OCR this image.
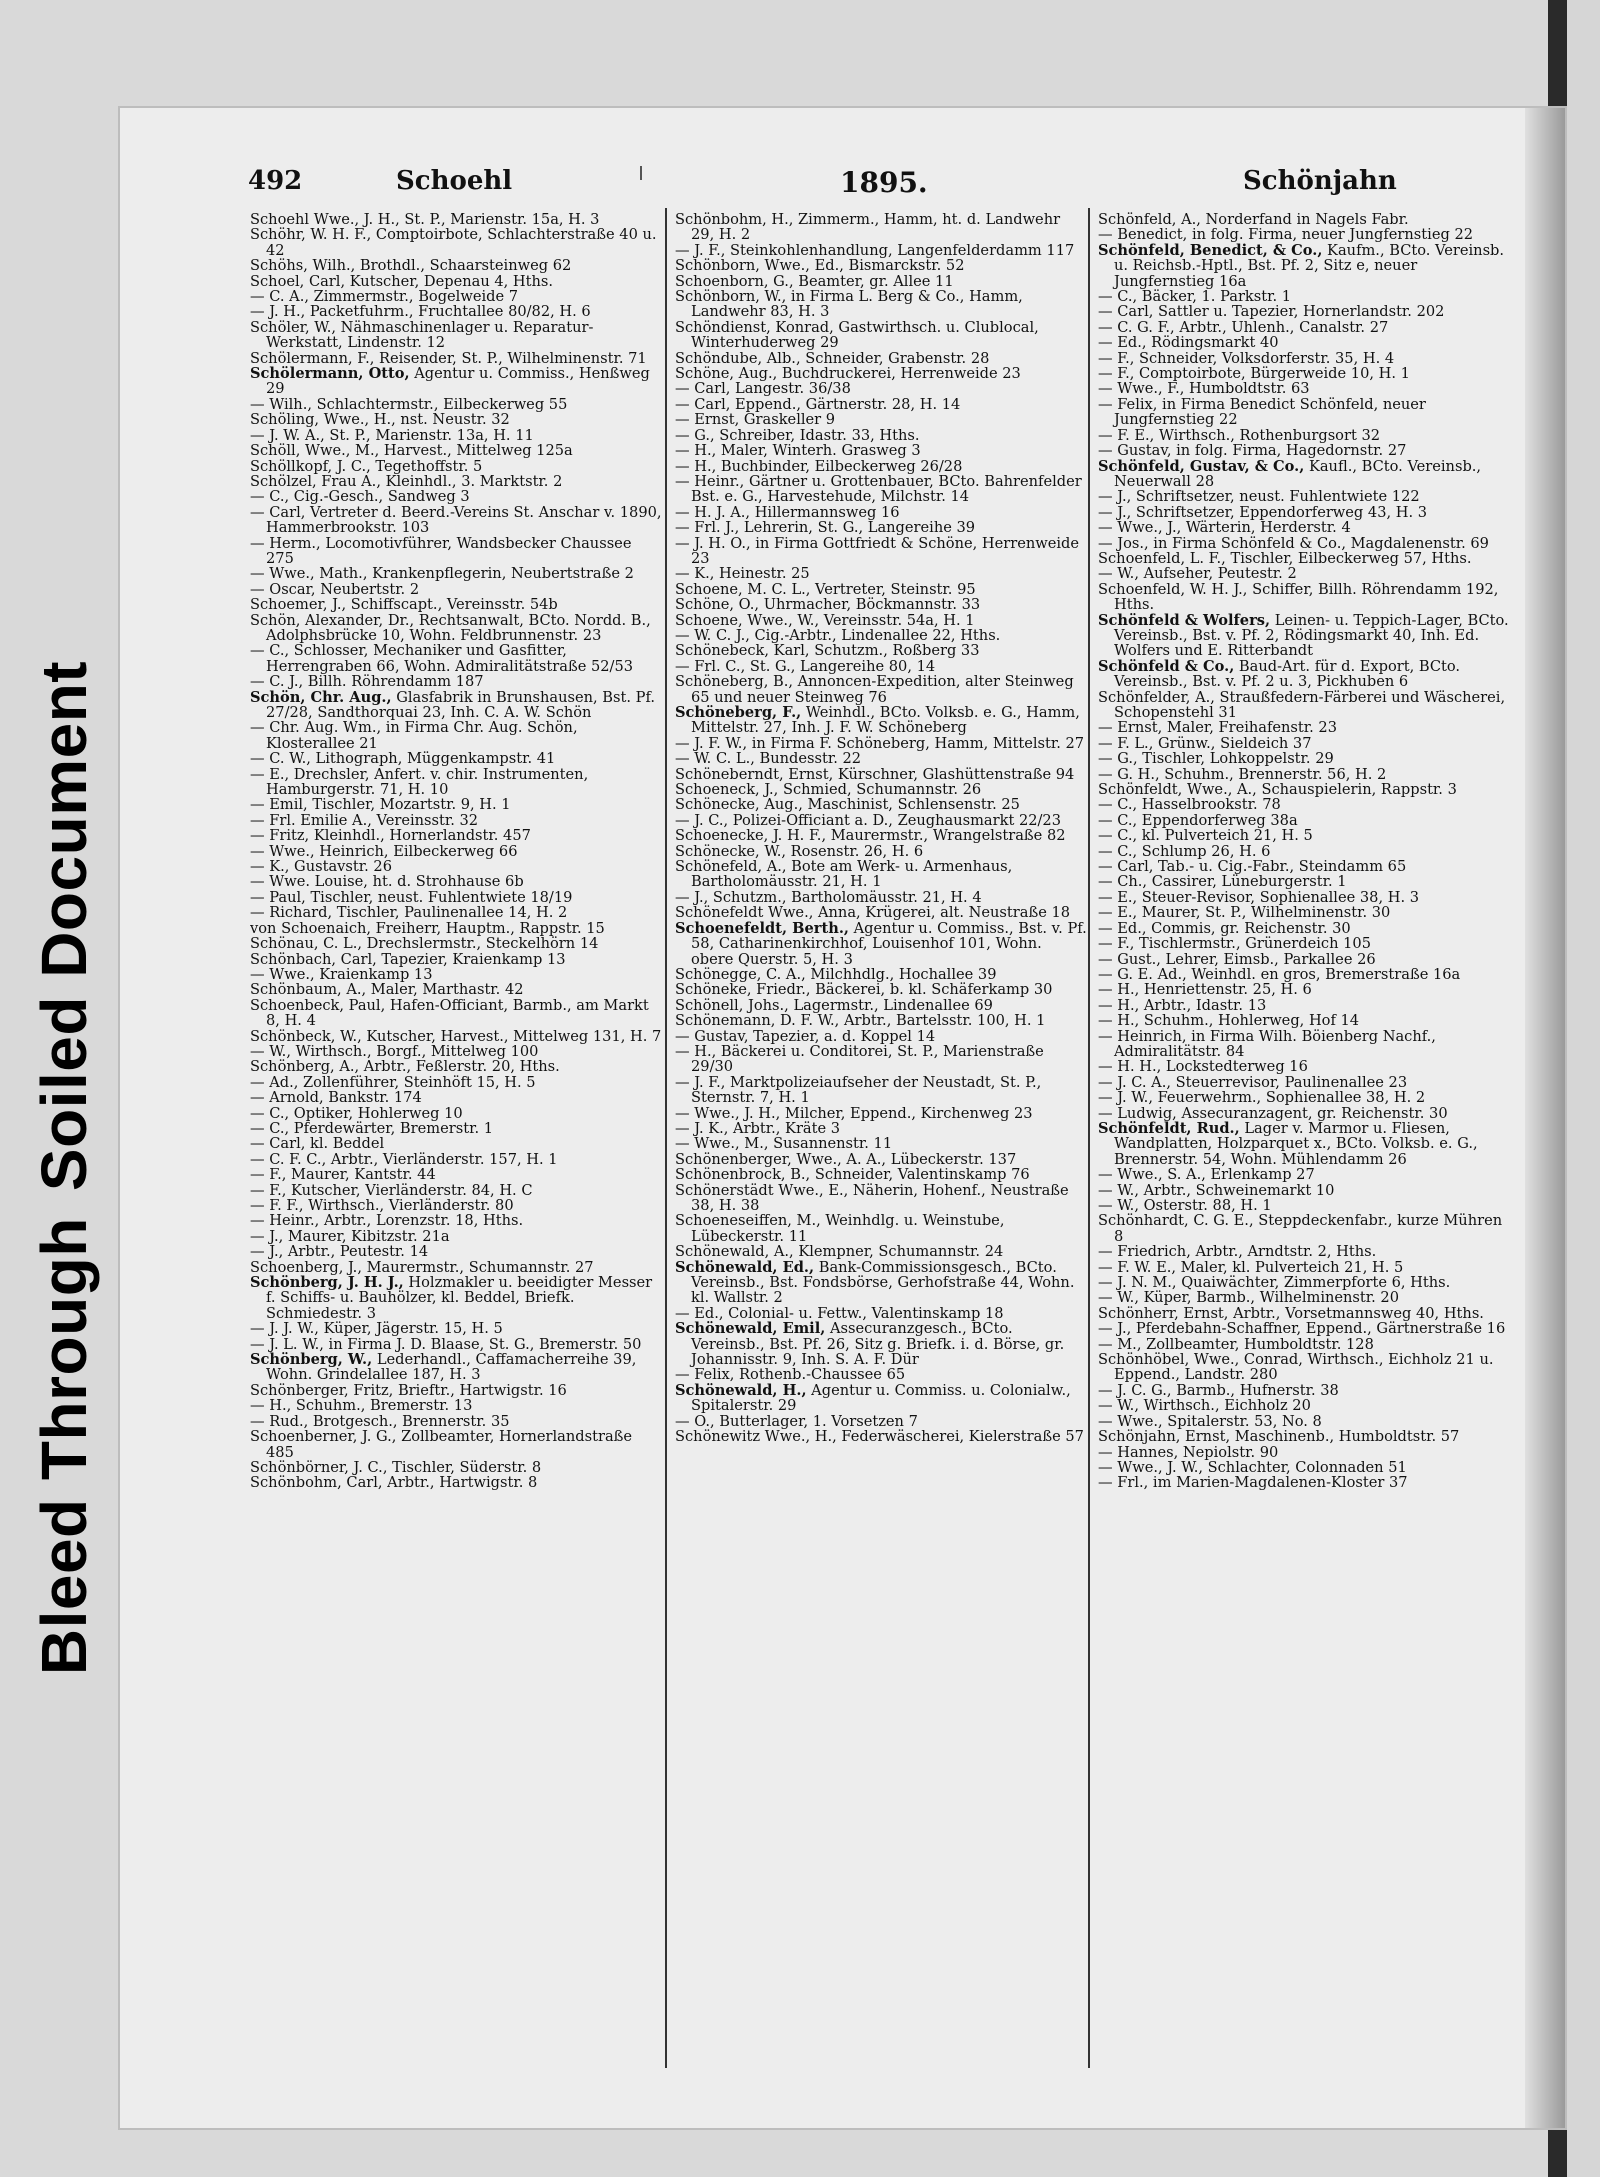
Bleed ThroughSoiled Document
492	Schoehl	1895.	Schönjahn

Schoehl Wwe., J. H., St. P., Marienstr. 15a, H. 3

Schöhr, W. H. F., Comptoirbote, Schlachterstraße 40 u. 42

Schöhs, Wilh., Brothdl., Schaarsteinweg 62

Schoel, Carl, Kutscher, Depenau 4, Hths.

— C. A., Zimmermstr., Bogelweide 7

— J. H., Packetfuhrm., Fruchtallee 80/82, H. 6

Schöler, W., Nähmaschinenlager u. Reparatur-Werkstatt, Lindenstr. 12

Schölermann, F., Reisender, St. P., Wilhelminenstr. 71

Schölermann, Otto, Agentur u. Commiss., Henßweg 29

— Wilh., Schlachtermstr., Eilbeckerweg 55

Schöling, Wwe., H., nst. Neustr. 32

— J. W. A., St. P., Marienstr. 13a, H. 11

Schöll, Wwe., M., Harvest., Mittelweg 125a

Schöllkopf, J. C., Tegethoffstr. 5

Schölzel, Frau A., Kleinhdl., 3. Marktstr. 2

— C., Cig.-Gesch., Sandweg 3

— Carl, Vertreter d. Beerd.-Vereins St. Anschar v. 1890, Hammerbrookstr. 103

— Herm., Locomotivführer, Wandsbecker Chaussee 275

— Wwe., Math., Krankenpflegerin, Neubertstraße 2

— Oscar, Neubertstr. 2

Schoemer, J., Schiffscapt., Vereinsstr. 54b

Schön, Alexander, Dr., Rechtsanwalt, BCto. Nordd. B., Adolphsbrücke 10, Wohn. Feldbrunnenstr. 23

— C., Schlosser, Mechaniker und Gasfitter, Herrengraben 66, Wohn. Admiralitätstraße 52/53

— C. J., Billh. Röhrendamm 187

Schön, Chr. Aug., Glasfabrik in Brunshausen, Bst. Pf. 27/28, Sandthorquai 23, Inh. C. A. W. Schön

— Chr. Aug. Wm., in Firma Chr. Aug. Schön, Klosterallee 21

— C. W., Lithograph, Müggenkampstr. 41

— E., Drechsler, Anfert. v. chir. Instrumenten, Hamburgerstr. 71, H. 10

— Emil, Tischler, Mozartstr. 9, H. 1

— Frl. Emilie A., Vereinsstr. 32

— Fritz, Kleinhdl., Hornerlandstr. 457

— Wwe., Heinrich, Eilbeckerweg 66

— K., Gustavstr. 26

— Wwe. Louise, ht. d. Strohhause 6b

— Paul, Tischler, neust. Fuhlentwiete 18/19

— Richard, Tischler, Paulinenallee 14, H. 2

von Schoenaich, Freiherr, Hauptm., Rappstr. 15

Schönau, C. L., Drechslermstr., Steckelhörn 14

Schönbach, Carl, Tapezier, Kraienkamp 13

— Wwe., Kraienkamp 13

Schönbaum, A., Maler, Marthastr. 42

Schoenbeck, Paul, Hafen-Officiant, Barmb., am Markt 8, H. 4

Schönbeck, W., Kutscher, Harvest., Mittelweg 131, H. 7

— W., Wirthsch., Borgf., Mittelweg 100

Schönberg, A., Arbtr., Feßlerstr. 20, Hths.

— Ad., Zollenführer, Steinhöft 15, H. 5

— Arnold, Bankstr. 174

— C., Optiker, Hohlerweg 10

— C., Pferdewärter, Bremerstr. 1

— Carl, kl. Beddel

— C. F. C., Arbtr., Vierländerstr. 157, H. 1

— F., Maurer, Kantstr. 44

— F., Kutscher, Vierländerstr. 84, H. C

— F. F., Wirthsch., Vierländerstr. 80

— Heinr., Arbtr., Lorenzstr. 18, Hths.

— J., Maurer, Kibitzstr. 21a

— J., Arbtr., Peutestr. 14

Schoenberg, J., Maurermstr., Schumannstr. 27

Schönberg, J. H. J., Holzmakler u. beeidigter Messer f. Schiffs- u. Bauhölzer, kl. Beddel, Briefk. Schmiedestr. 3

— J. J. W., Küper, Jägerstr. 15, H. 5

— J. L. W., in Firma J. D. Blaase, St. G., Bremerstr. 50

Schönberg, W., Lederhandl., Caffamacherreihe 39, Wohn. Grindelallee 187, H. 3

Schönberger, Fritz, Brieftr., Hartwigstr. 16

— H., Schuhm., Bremerstr. 13

— Rud., Brotgesch., Brennerstr. 35

Schoenberner, J. G., Zollbeamter, Hornerlandstraße 485

Schönbörner, J. C., Tischler, Süderstr. 8

Schönbohm, Carl, Arbtr., Hartwigstr. 8

Schönbohm, H., Zimmerm., Hamm, ht. d. Landwehr 29, H. 2

— J. F., Steinkohlenhandlung, Langenfelderdamm 117

Schönborn, Wwe., Ed., Bismarckstr. 52

Schoenborn, G., Beamter, gr. Allee 11

Schönborn, W., in Firma L. Berg & Co., Hamm, Landwehr 83, H. 3

Schöndienst, Konrad, Gastwirthsch. u. Clublocal, Winterhuderweg 29

Schöndube, Alb., Schneider, Grabenstr. 28

Schöne, Aug., Buchdruckerei, Herrenweide 23

— Carl, Langestr. 36/38

— Carl, Eppend., Gärtnerstr. 28, H. 14

— Ernst, Graskeller 9

— G., Schreiber, Idastr. 33, Hths.

— H., Maler, Winterh. Grasweg 3

— H., Buchbinder, Eilbeckerweg 26/28

— Heinr., Gärtner u. Grottenbauer, BCto. Bahrenfelder Bst. e. G., Harvestehude, Milchstr. 14

— H. J. A., Hillermannsweg 16

— Frl. J., Lehrerin, St. G., Langereihe 39

— J. H. O., in Firma Gottfriedt & Schöne, Herrenweide 23

— K., Heinestr. 25

Schoene, M. C. L., Vertreter, Steinstr. 95

Schöne, O., Uhrmacher, Böckmannstr. 33

Schoene, Wwe., W., Vereinsstr. 54a, H. 1

— W. C. J., Cig.-Arbtr., Lindenallee 22, Hths.

Schönebeck, Karl, Schutzm., Roßberg 33

— Frl. C., St. G., Langereihe 80, 14

Schöneberg, B., Annoncen-Expedition, alter Steinweg 65 und neuer Steinweg 76

Schöneberg, F., Weinhdl., BCto. Volksb. e. G., Hamm, Mittelstr. 27, Inh. J. F. W. Schöneberg

— J. F. W., in Firma F. Schöneberg, Hamm, Mittelstr. 27

— W. C. L., Bundesstr. 22

Schöneberndt, Ernst, Kürschner, Glashüttenstraße 94

Schoeneck, J., Schmied, Schumannstr. 26

Schönecke, Aug., Maschinist, Schlensenstr. 25

— J. C., Polizei-Officiant a. D., Zeughausmarkt 22/23

Schoenecke, J. H. F., Maurermstr., Wrangelstraße 82

Schönecke, W., Rosenstr. 26, H. 6

Schönefeld, A., Bote am Werk- u. Armenhaus, Bartholomäusstr. 21, H. 1

— J., Schutzm., Bartholomäusstr. 21, H. 4

Schönefeldt Wwe., Anna, Krügerei, alt. Neustraße 18

Schoenefeldt, Berth., Agentur u. Commiss., Bst. v. Pf. 58, Catharinenkirchhof, Louisenhof 101, Wohn. obere Querstr. 5, H. 3

Schönegge, C. A., Milchhdlg., Hochallee 39

Schöneke, Friedr., Bäckerei, b. kl. Schäferkamp 30

Schönell, Johs., Lagermstr., Lindenallee 69

Schönemann, D. F. W., Arbtr., Bartelsstr. 100, H. 1

— Gustav, Tapezier, a. d. Koppel 14

— H., Bäckerei u. Conditorei, St. P., Marienstraße 29/30

— J. F., Marktpolizeiaufseher der Neustadt, St. P., Sternstr. 7, H. 1

— Wwe., J. H., Milcher, Eppend., Kirchenweg 23

— J. K., Arbtr., Kräte 3

— Wwe., M., Susannenstr. 11

Schönenberger, Wwe., A. A., Lübeckerstr. 137

Schönenbrock, B., Schneider, Valentinskamp 76

Schönerstädt Wwe., E., Näherin, Hohenf., Neustraße 38, H. 38

Schoeneseiffen, M., Weinhdlg. u. Weinstube, Lübeckerstr. 11

Schönewald, A., Klempner, Schumannstr. 24

Schönewald, Ed., Bank-Commissionsgesch., BCto. Vereinsb., Bst. Fondsbörse, Gerhofstraße 44, Wohn. kl. Wallstr. 2

— Ed., Colonial- u. Fettw., Valentinskamp 18

Schönewald, Emil, Assecuranzgesch., BCto. Vereinsb., Bst. Pf. 26, Sitz g. Briefk. i. d. Börse, gr. Johannisstr. 9, Inh. S. A. F. Dür

— Felix, Rothenb.-Chaussee 65

Schönewald, H., Agentur u. Commiss. u. Colonialw., Spitalerstr. 29

— O., Butterlager, 1. Vorsetzen 7

Schönewitz Wwe., H., Federwäscherei, Kielerstraße 57

Schönfeld, A., Norderfand in Nagels Fabr.

— Benedict, in folg. Firma, neuer Jungfernstieg 22

Schönfeld, Benedict, & Co., Kaufm., BCto. Vereinsb. u. Reichsb.-Hptl., Bst. Pf. 2, Sitz e, neuer Jungfernstieg 16a

— C., Bäcker, 1. Parkstr. 1

— Carl, Sattler u. Tapezier, Hornerlandstr. 202

— C. G. F., Arbtr., Uhlenh., Canalstr. 27

— Ed., Rödingsmarkt 40

— F., Schneider, Volksdorferstr. 35, H. 4

— F., Comptoirbote, Bürgerweide 10, H. 1

— Wwe., F., Humboldtstr. 63

— Felix, in Firma Benedict Schönfeld, neuer Jungfernstieg 22

— F. E., Wirthsch., Rothenburgsort 32

— Gustav, in folg. Firma, Hagedornstr. 27

Schönfeld, Gustav, & Co., Kaufl., BCto. Vereinsb., Neuerwall 28

— J., Schriftsetzer, neust. Fuhlentwiete 122

— J., Schriftsetzer, Eppendorferweg 43, H. 3

— Wwe., J., Wärterin, Herderstr. 4

— Jos., in Firma Schönfeld & Co., Magdalenenstr. 69

Schoenfeld, L. F., Tischler, Eilbeckerweg 57, Hths.

— W., Aufseher, Peutestr. 2

Schoenfeld, W. H. J., Schiffer, Billh. Röhrendamm 192, Hths.

Schönfeld & Wolfers, Leinen- u. Teppich-Lager, BCto. Vereinsb., Bst. v. Pf. 2, Rödingsmarkt 40, Inh. Ed. Wolfers und E. Ritterbandt

Schönfeld & Co., Baud-Art. für d. Export, BCto. Vereinsb., Bst. v. Pf. 2 u. 3, Pickhuben 6

Schönfelder, A., Straußfedern-Färberei und Wäscherei, Schopenstehl 31

— Ernst, Maler, Freihafenstr. 23

— F. L., Grünw., Sieldeich 37

— G., Tischler, Lohkoppelstr. 29

— G. H., Schuhm., Brennerstr. 56, H. 2

Schönfeldt, Wwe., A., Schauspielerin, Rappstr. 3

— C., Hasselbrookstr. 78

— C., Eppendorferweg 38a

— C., kl. Pulverteich 21, H. 5

— C., Schlump 26, H. 6

— Carl, Tab.- u. Cig.-Fabr., Steindamm 65

— Ch., Cassirer, Lüneburgerstr. 1

— E., Steuer-Revisor, Sophienallee 38, H. 3

— E., Maurer, St. P., Wilhelminenstr. 30

— Ed., Commis, gr. Reichenstr. 30

— F., Tischlermstr., Grünerdeich 105

— Gust., Lehrer, Eimsb., Parkallee 26

— G. E. Ad., Weinhdl. en gros, Bremerstraße 16a

— H., Henriettenstr. 25, H. 6

— H., Arbtr., Idastr. 13

— H., Schuhm., Hohlerweg, Hof 14

— Heinrich, in Firma Wilh. Böienberg Nachf., Admiralitätstr. 84

— H. H., Lockstedterweg 16

— J. C. A., Steuerrevisor, Paulinenallee 23

— J. W., Feuerwehrm., Sophienallee 38, H. 2

— Ludwig, Assecuranzagent, gr. Reichenstr. 30

Schönfeldt, Rud., Lager v. Marmor u. Fliesen, Wandplatten, Holzparquet x., BCto. Volksb. e. G., Brennerstr. 54, Wohn. Mühlendamm 26

— Wwe., S. A., Erlenkamp 27

— W., Arbtr., Schweinemarkt 10

— W., Osterstr. 88, H. 1

Schönhardt, C. G. E., Steppdeckenfabr., kurze Mühren 8

— Friedrich, Arbtr., Arndtstr. 2, Hths.

— F. W. E., Maler, kl. Pulverteich 21, H. 5

— J. N. M., Quaiwächter, Zimmerpforte 6, Hths.

— W., Küper, Barmb., Wilhelminenstr. 20

Schönherr, Ernst, Arbtr., Vorsetmannsweg 40, Hths.

— J., Pferdebahn-Schaffner, Eppend., Gärtnerstraße 16

— M., Zollbeamter, Humboldtstr. 128

Schönhöbel, Wwe., Conrad, Wirthsch., Eichholz 21 u. Eppend., Landstr. 280

— J. C. G., Barmb., Hufnerstr. 38

— W., Wirthsch., Eichholz 20

— Wwe., Spitalerstr. 53, No. 8

Schönjahn, Ernst, Maschinenb., Humboldtstr. 57

— Hannes, Nepiolstr. 90

— Wwe., J. W., Schlachter, Colonnaden 51

— Frl., im Marien-Magdalenen-Kloster 37
